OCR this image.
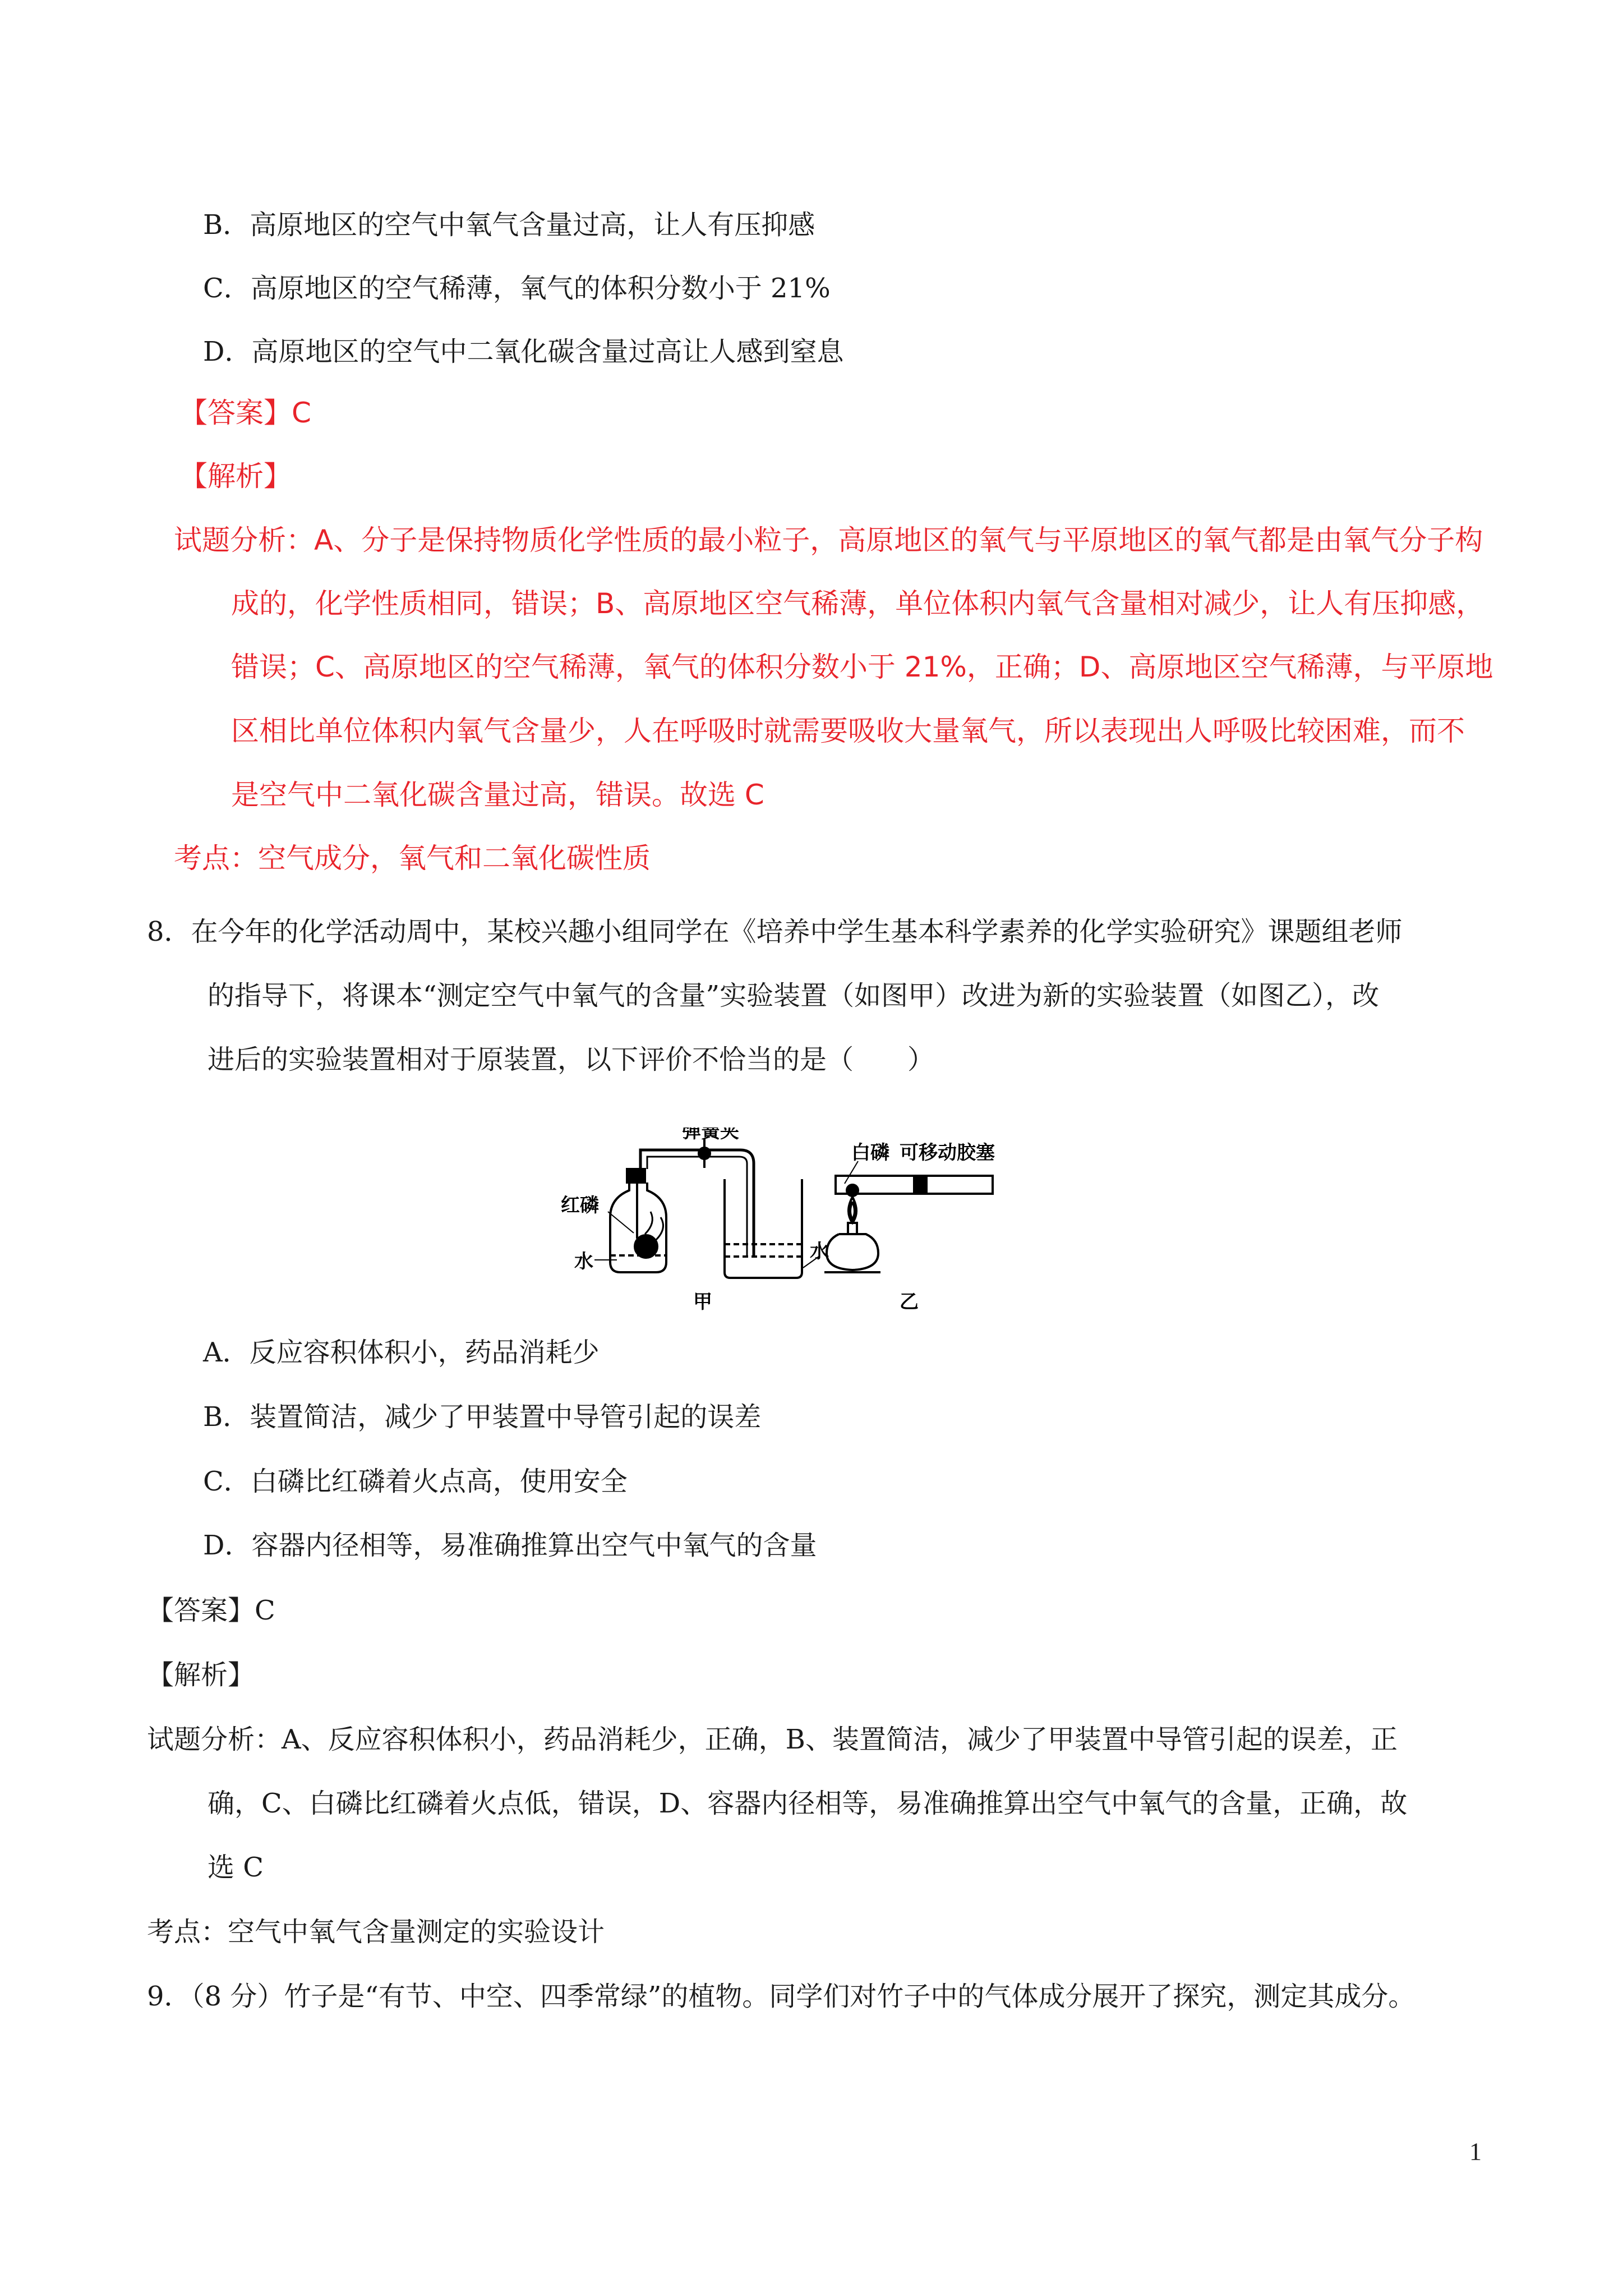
B．高原地区的空气中氧气含量过高，让人有压抑感
C．高原地区的空气稀薄，氧气的体积分数小于 21%
D．高原地区的空气中二氧化碳含量过高让人感到窒息
【答案】C
【解析】
试题分析：A、分子是保持物质化学性质的最小粒子，高原地区的氧气与平原地区的氧气都是由氧气分子构
成的，化学性质相同，错误；B、高原地区空气稀薄，单位体积内氧气含量相对减少，让人有压抑感，
错误；C、高原地区的空气稀薄，氧气的体积分数小于 21%，正确；D、高原地区空气稀薄，与平原地
区相比单位体积内氧气含量少，人在呼吸时就需要吸收大量氧气，所以表现出人呼吸比较困难，而不
是空气中二氧化碳含量过高，错误。故选 C
考点：空气成分，氧气和二氧化碳性质
8．在今年的化学活动周中，某校兴趣小组同学在《培养中学生基本科学素养的化学实验研究》课题组老师
的指导下，将课本“测定空气中氧气的含量”实验装置（如图甲）改进为新的实验装置（如图乙），改
进后的实验装置相对于原装置，以下评价不恰当的是（　　）
弹簧夹
红磷
水	水
甲
白磷 可移动胶塞
乙
A．反应容积体积小，药品消耗少
B．装置简洁，减少了甲装置中导管引起的误差
C．白磷比红磷着火点高，使用安全
D．容器内径相等，易准确推算出空气中氧气的含量
【答案】C
【解析】
试题分析：A、反应容积体积小，药品消耗少，正确，B、装置简洁，减少了甲装置中导管引起的误差，正
确，C、白磷比红磷着火点低，错误，D、容器内径相等，易准确推算出空气中氧气的含量，正确，故
选 C
考点：空气中氧气含量测定的实验设计
9．（8 分）竹子是“有节、中空、四季常绿”的植物。同学们对竹子中的气体成分展开了探究，测定其成分。
1
